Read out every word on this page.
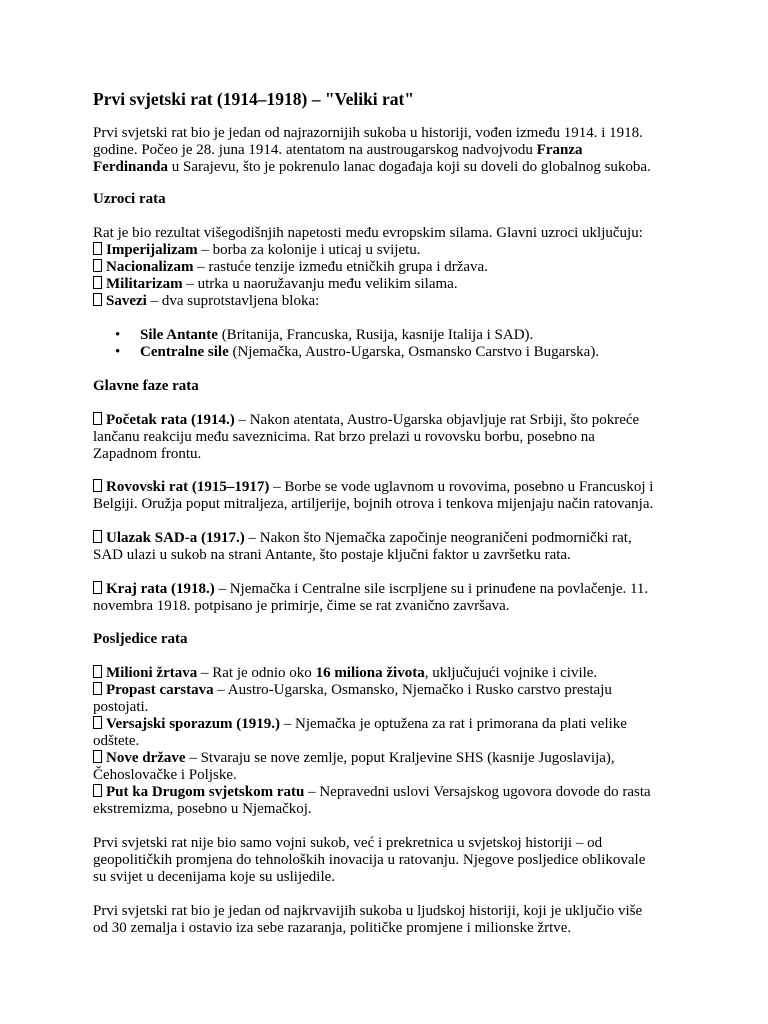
Prvi svjetski rat (1914–1918) – "Veliki rat"

Prvi svjetski rat bio je jedan od najrazornijih sukoba u historiji, vođen između 1914. i 1918.
godine. Počeo je 28. juna 1914. atentatom na austrougarskog nadvojvodu Franza
Ferdinanda u Sarajevu, što je pokrenulo lanac događaja koji su doveli do globalnog sukoba.

Uzroci rata

Rat je bio rezultat višegodišnjih napetosti među evropskim silama. Glavni uzroci uključuju:
Imperijalizam – borba za kolonije i uticaj u svijetu.
Nacionalizam – rastuće tenzije između etničkih grupa i država.
Militarizam – utrka u naoružavanju među velikim silama.
Savezi – dva suprotstavljena bloka:

• Sile Antante (Britanija, Francuska, Rusija, kasnije Italija i SAD).
• Centralne sile (Njemačka, Austro-Ugarska, Osmansko Carstvo i Bugarska).
Glavne faze rata

Početak rata (1914.) – Nakon atentata, Austro-Ugarska objavljuje rat Srbiji, što pokreće
lančanu reakciju među saveznicima. Rat brzo prelazi u rovovsku borbu, posebno na
Zapadnom frontu.

Rovovski rat (1915–1917) – Borbe se vode uglavnom u rovovima, posebno u Francuskoj i
Belgiji. Oružja poput mitraljeza, artiljerije, bojnih otrova i tenkova mijenjaju način ratovanja.

Ulazak SAD-a (1917.) – Nakon što Njemačka započinje neograničeni podmornički rat,
SAD ulazi u sukob na strani Antante, što postaje ključni faktor u završetku rata.

Kraj rata (1918.) – Njemačka i Centralne sile iscrpljene su i prinuđene na povlačenje. 11.
novembra 1918. potpisano je primirje, čime se rat zvanično završava.

Posljedice rata

Milioni žrtava – Rat je odnio oko 16 miliona života, uključujući vojnike i civile.
Propast carstava – Austro-Ugarska, Osmansko, Njemačko i Rusko carstvo prestaju
postojati.
Versajski sporazum (1919.) – Njemačka je optužena za rat i primorana da plati velike
odštete.
Nove države – Stvaraju se nove zemlje, poput Kraljevine SHS (kasnije Jugoslavija),
Čehoslovačke i Poljske.
Put ka Drugom svjetskom ratu – Nepravedni uslovi Versajskog ugovora dovode do rasta
ekstremizma, posebno u Njemačkoj.

Prvi svjetski rat nije bio samo vojni sukob, već i prekretnica u svjetskoj historiji – od
geopolitičkih promjena do tehnoloških inovacija u ratovanju. Njegove posljedice oblikovale
su svijet u decenijama koje su uslijedile.

Prvi svjetski rat bio je jedan od najkrvavijih sukoba u ljudskoj historiji, koji je uključio više
od 30 zemalja i ostavio iza sebe razaranja, političke promjene i milionske žrtve.
